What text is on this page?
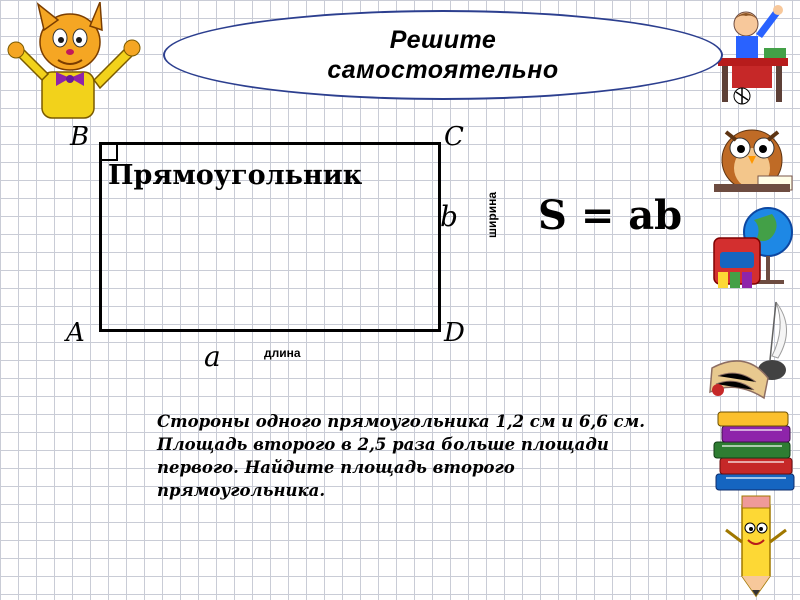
Решите
самостоятельно
Прямоугольник
B	C
A	D
b
a	длина
ширина S = ab
Стороны одного прямоугольника 1,2 см и 6,6 см.
Площадь второго в 2,5 раза больше площади
первого. Найдите площадь второго
прямоугольника.
